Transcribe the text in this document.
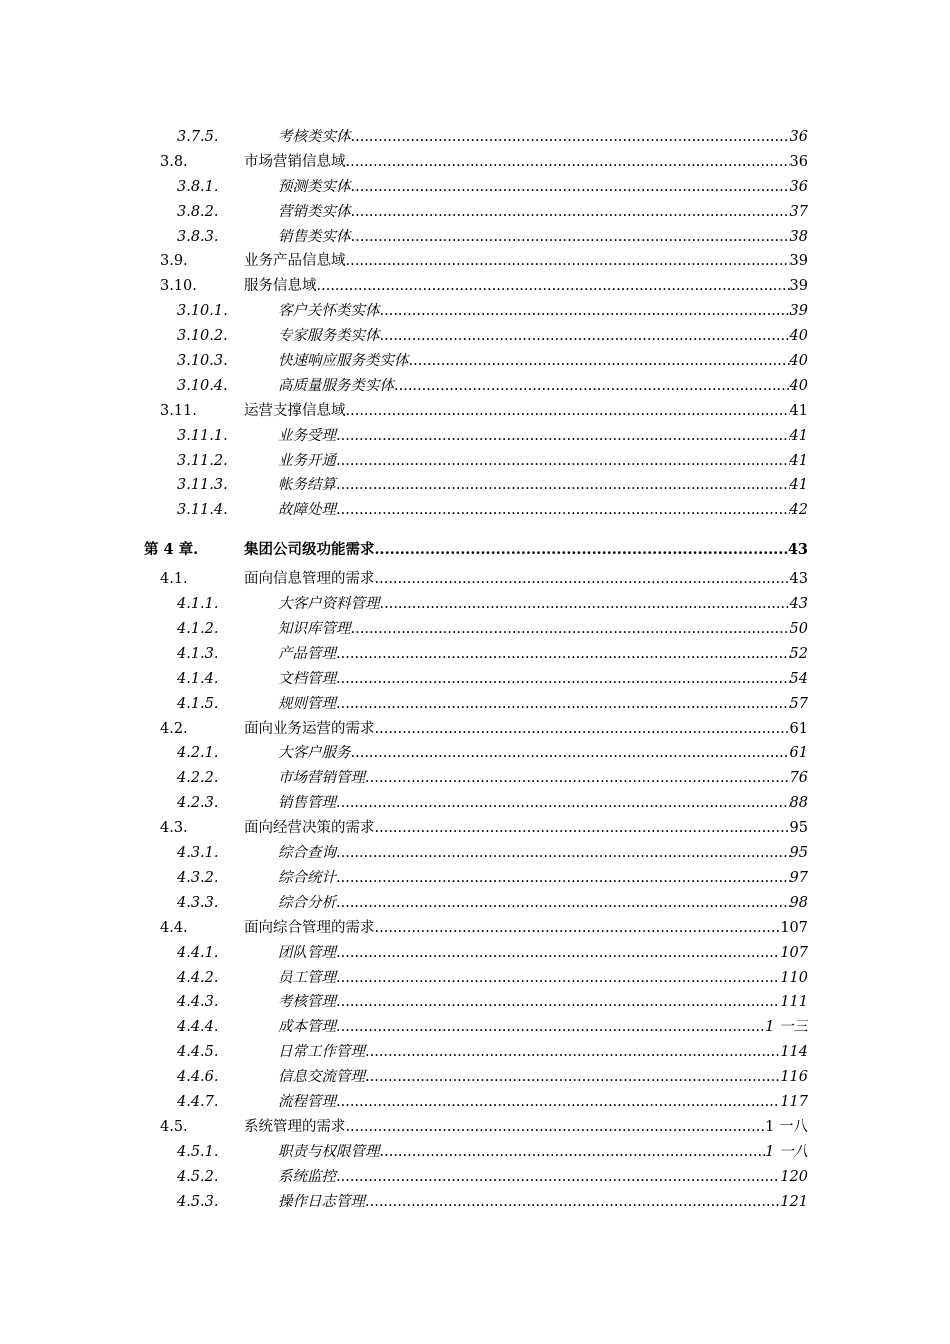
3.7.5.	考核类实体 .....	36
3.8.	市场营销信息域 .....	36
3.8.1.	预测类实体 .....	36
3.8.2.	营销类实体 .....	37
3.8.3.	销售类实体 .....	38
3.9.	业务产品信息域 .....	39
3.10.	服务信息域 .....	39
3.10.1.	客户关怀类实体 .....	39
3.10.2.	专家服务类实体 .....	40
3.10.3.	快速响应服务类实体 .....	40
3.10.4.	高质量服务类实体 .....	40
3.11.	运营支撑信息域 .....	41
3.11.1.	业务受理 .....	41
3.11.2.	业务开通 .....	41
3.11.3.	帐务结算 .....	41
3.11.4.	故障处理 .....	42
第 4 章.	集团公司级功能需求 .....	43
4.1.	面向信息管理的需求 .....	43
4.1.1.	大客户资料管理 .....	43
4.1.2.	知识库管理 .....	50
4.1.3.	产品管理 .....	52
4.1.4.	文档管理 .....	54
4.1.5.	规则管理 .....	57
4.2.	面向业务运营的需求 .....	61
4.2.1.	大客户服务 .....	61
4.2.2.	市场营销管理 .....	76
4.2.3.	销售管理 .....	88
4.3.	面向经营决策的需求 .....	95
4.3.1.	综合查询 .....	95
4.3.2.	综合统计 .....	97
4.3.3.	综合分析 .....	98
4.4.	面向综合管理的需求 .....	107
4.4.1.	团队管理 .....	107
4.4.2.	员工管理 .....	110
4.4.3.	考核管理 .....	111
4.4.4.	成本管理 .....	1 一三
4.4.5.	日常工作管理 .....	114
4.4.6.	信息交流管理 .....	116
4.4.7.	流程管理 .....	117
4.5.	系统管理的需求 .....	1 一八
4.5.1.	职责与权限管理 .....	1 一八
4.5.2.	系统监控 .....	120
4.5.3.	操作日志管理 .....	121
